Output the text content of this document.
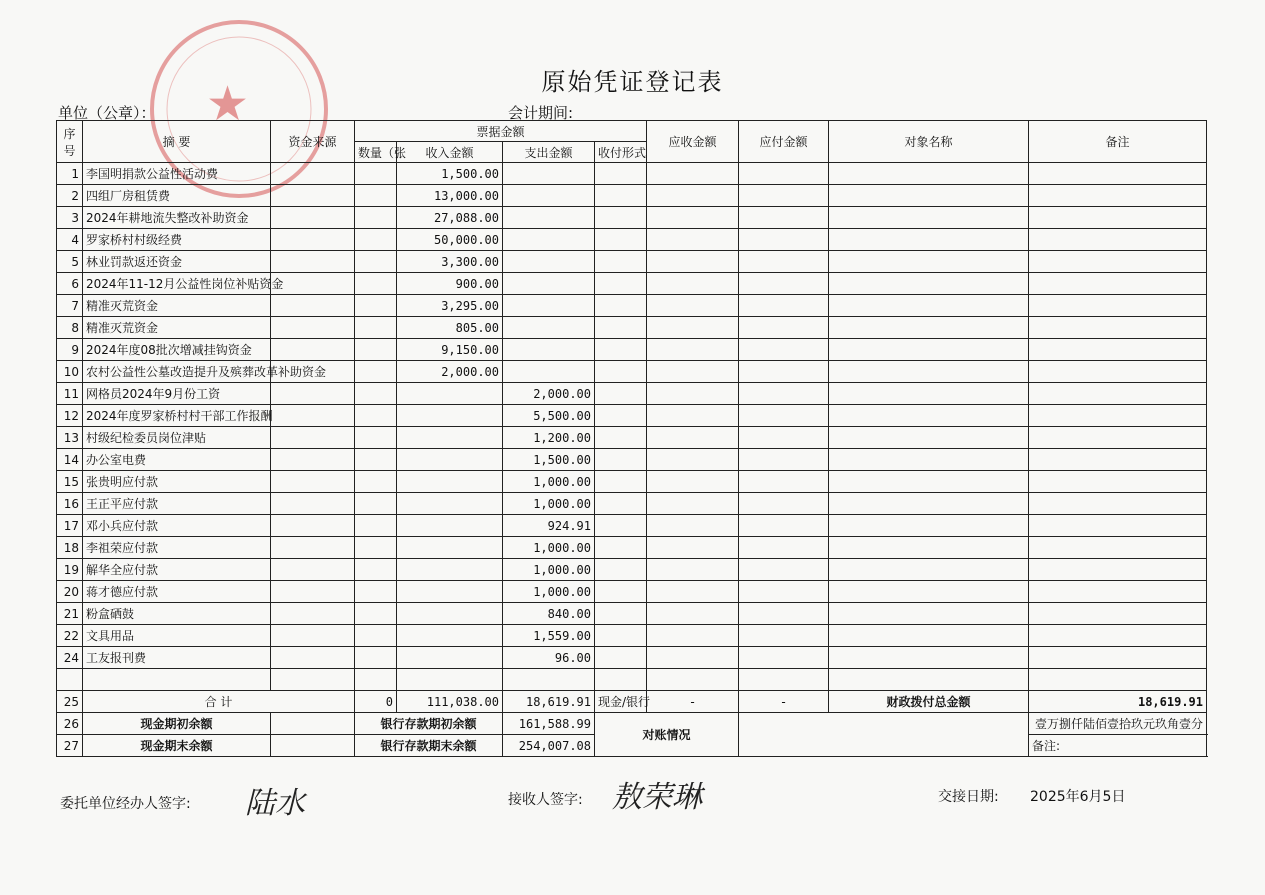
★	原始凭证登记表
单位（公章）：	会计期间:
序号	摘 要	资金来源	票据金额				应收金额	应付金额	对象名称	备注
			数量（张	收入金额	支出金额	收付形式				
1	李国明捐款公益性活动费			1,500.00						
2	四组厂房租赁费			13,000.00						
3	2024年耕地流失整改补助资金			27,088.00						
4	罗家桥村村级经费			50,000.00						
5	林业罚款返还资金			3,300.00						
6	2024年11-12月公益性岗位补贴资金			900.00						
7	精准灭荒资金			3,295.00						
8	精准灭荒资金			805.00						
9	2024年度08批次增减挂钩资金			9,150.00						
10	农村公益性公墓改造提升及殡葬改革补助资金			2,000.00						
11	网格员2024年9月份工资				2,000.00					
12	2024年度罗家桥村村干部工作报酬				5,500.00					
13	村级纪检委员岗位津贴				1,200.00					
14	办公室电费				1,500.00					
15	张贵明应付款				1,000.00					
16	王正平应付款				1,000.00					
17	邓小兵应付款				924.91					
18	李祖荣应付款				1,000.00					
19	解华全应付款				1,000.00					
20	蒋才德应付款				1,000.00					
21	粉盒硒鼓				840.00					
22	文具用品				1,559.00					
24	工友报刊费				96.00					

25	合 计		0	111,038.00	18,619.91	现金/银行	-	-	财政拨付总金额	18,619.91
26	现金期初余额		银行存款期初余额		161,588.99	对账情况				壹万捌仟陆佰壹拾玖元玖角壹分
27	现金期末余额		银行存款期末余额		254,007.08					备注:
委托单位经办人签字: 陆水	接收人签字: 敖荣琳	交接日期: 2025年6月5日
